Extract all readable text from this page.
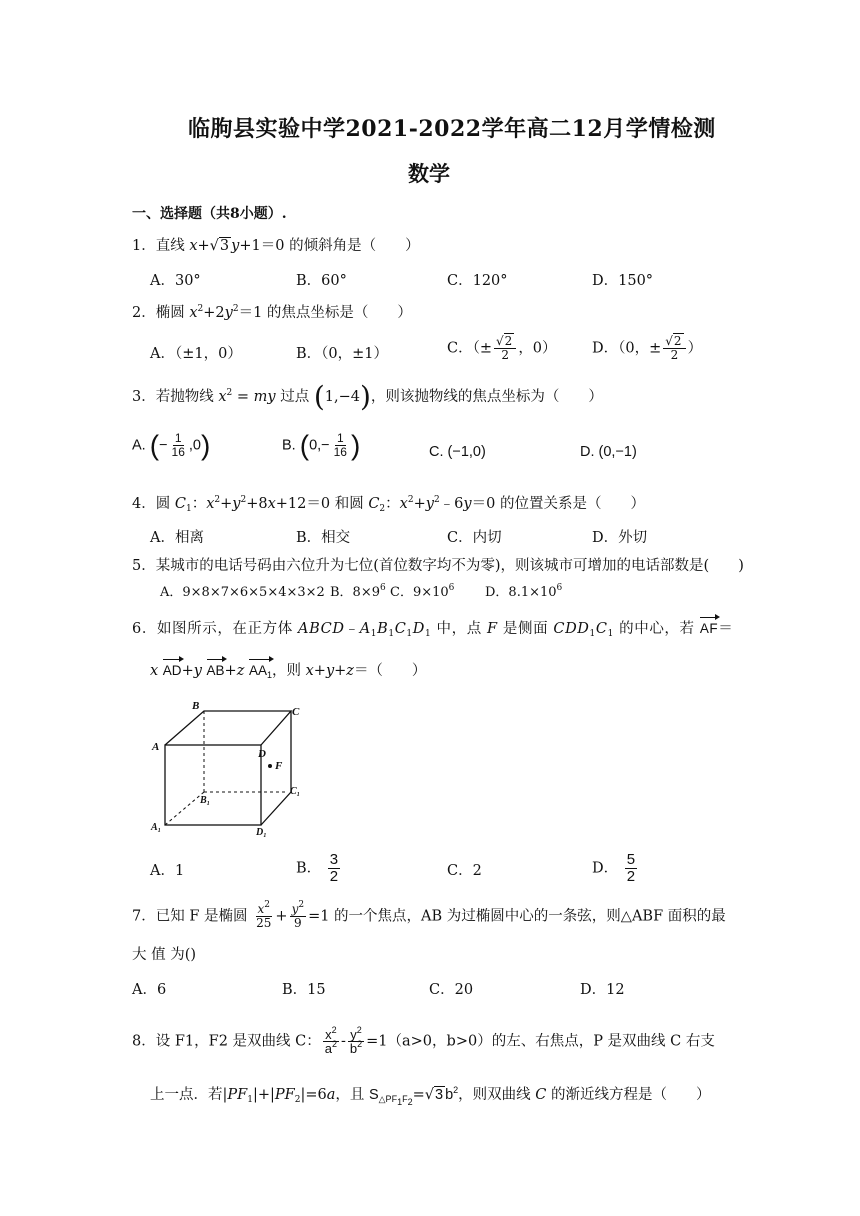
临朐县实验中学2021-2022学年高二12月学情检测
数学
一、选择题（共8小题）.
1．直线 x+√3 y+1＝0 的倾斜角是（　　）
A．30°	B．60°	C．120°	D．150°
2．椭圆 $x^2+2y^2=1$ 的焦点坐标是（　　）
A．（±1，0）	B．（0，±1）	C．（± $\frac{√2}{2}$ ，0） D．（0，± $\frac{√2}{2}$ ）
3．若抛物线 $x^2$ = my 过点 (1,−4)，则该抛物线的焦点坐标为（　　）
A. (− $\frac{1}{16} ,0$)	B. ($0,- \frac{1}{16}$ )	C. (−1,0)	D. (0,−1)
4．圆 $C_1$：$x^2+y^2+8x+12=0$ 和圆 $C_2$：$x^2+y^2﹣6y=0$ 的位置关系是（　　）
A．相离	B．相交	C．内切	D．外切
5．某城市的电话号码由六位升为七位(首位数字均不为零)，则该城市可增加的电话部数是(　　)
A．9×8×7×6×5×4×3×2 B．$8\times 9^6$ C．$9\times 10^6$ D．$8.1\times 10^6$
6．如图所示，在正方体 $ABCD﹣A_1B_1C_1D_1$ 中，点 F 是侧面 $CDD_1C_1$ 的中心，若 AF＝
x AD+y AB+z $AA_1$，则 x+y+z＝（　　）
B	C
A
D
F
B₁
C₁
A₁	D₁
A．1	B． $\frac{3}{2}$	C．2	D． $\frac{5}{2}$
7．已知 F 是椭圆 $\frac{x^2}{25} + \frac{y^2}{9} =1$ 的一个焦点，AB 为过椭圆中心的一条弦，则△ABF 面积的最
大 值 为()
A．6	B．15	C．20	D．12
8．设 F1，F2 是双曲线 C： $\frac{x^2}{a^2} - \frac{y^2}{b^2} =1(a>0$，b>0）的左、右焦点，P 是双曲线 C 右支
上一点．若$|PF_1|+|PF_2|=6a$，且 $S_{\triangle PF_1F_2}=√3$ $b^2$，则双曲线 C 的渐近线方程是（　　）
